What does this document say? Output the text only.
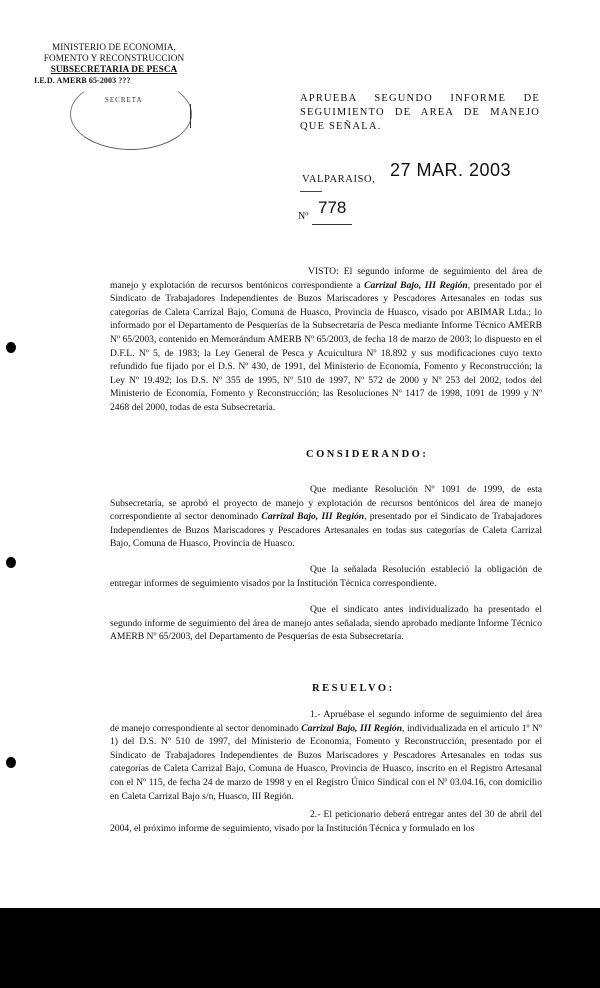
MINISTERIO DE ECONOMIA,
FOMENTO Y RECONSTRUCCION
SUBSECRETARIA DE PESCA
I.E.D. AMERB 65-2003 ???
SECRETA	APRUEBA SEGUNDO INFORME DE SEGUIMIENTO DE AREA DE MANEJO QUE SEÑALA.
VALPARAISO, 27 MAR. 2003
Nº 778
VISTO: El segundo informe de seguimiento del área de manejo y explotación de recursos bentónicos correspondiente a Carrizal Bajo, III Región, presentado por el Sindicato de Trabajadores Independientes de Buzos Mariscadores y Pescadores Artesanales en todas sus categorías de Caleta Carrizal Bajo, Comuna de Huasco, Provincia de Huasco, visado por ABIMAR Ltda.; lo informado por el Departamento de Pesquerías de la Subsecretaría de Pesca mediante Informe Técnico AMERB Nº 65/2003, contenido en Memorándum AMERB Nº 65/2003, de fecha 18 de marzo de 2003; lo dispuesto en el D.F.L. Nº 5, de 1983; la Ley General de Pesca y Acuicultura Nº 18.892 y sus modificaciones cuyo texto refundido fue fijado por el D.S. Nº 430, de 1991, del Ministerio de Economía, Fomento y Reconstrucción; la Ley Nº 19.492; los D.S. Nº 355 de 1995, Nº 510 de 1997, Nº 572 de 2000 y Nº 253 del 2002, todos del Ministerio de Economía, Fomento y Reconstrucción; las Resoluciones Nº 1417 de 1998, 1091 de 1999 y Nº 2468 del 2000, todas de esta Subsecretaría.
CONSIDERANDO:
Que mediante Resolución Nº 1091 de 1999, de esta Subsecretaría, se aprobó el proyecto de manejo y explotación de recursos bentónicos del área de manejo correspondiente al sector denominado Carrizal Bajo, III Región, presentado por el Sindicato de Trabajadores Independientes de Buzos Mariscadores y Pescadores Artesanales en todas sus categorías de Caleta Carrizal Bajo, Comuna de Huasco, Provincia de Huasco.
Que la señalada Resolución estableció la obligación de entregar informes de seguimiento visados por la Institución Técnica correspondiente.
Que el sindicato antes individualizado ha presentado el segundo informe de seguimiento del área de manejo antes señalada, siendo aprobado mediante Informe Técnico AMERB Nº 65/2003, del Departamento de Pesquerías de esta Subsecretaría.
RESUELVO:
1.- Apruébase el segundo informe de seguimiento del área de manejo correspondiente al sector denominado Carrizal Bajo, III Región, individualizada en el artículo 1º Nº 1) del D.S. Nº 510 de 1997, del Ministerio de Economía, Fomento y Reconstrucción, presentado por el Sindicato de Trabajadores Independientes de Buzos Mariscadores y Pescadores Artesanales en todas sus categorías de Caleta Carrizal Bajo, Comuna de Huasco, Provincia de Huasco, inscrito en el Registro Artesanal con el Nº 115, de fecha 24 de marzo de 1998 y en el Registro Único Sindical con el Nº 03.04.16, con domicilio en Caleta Carrizal Bajo s/n, Huasco, III Región.
2.- El peticionario deberá entregar antes del 30 de abril del 2004, el próximo informe de seguimiento, visado por la Institución Técnica y formulado en los
